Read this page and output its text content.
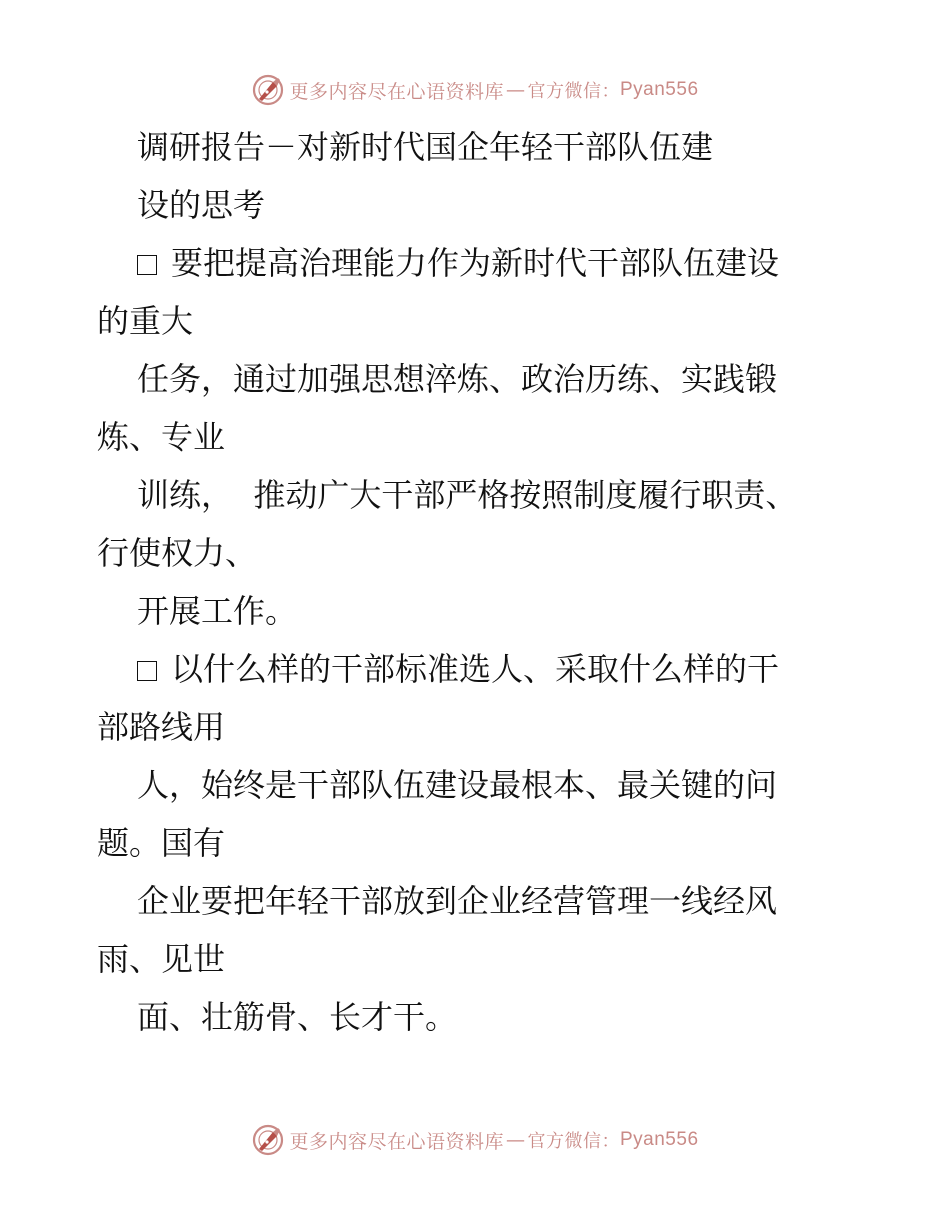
更多内容尽在心语资料库 — 官方微信： Pyan556
调研报告－对新时代国企年轻干部队伍建
设的思考
要把提高治理能力作为新时代干部队伍建设
的重大
任务，通过加强思想淬炼、政治历练、实践锻
炼、专业
训练，  推动广大干部严格按照制度履行职责、
行使权力、
开展工作。
以什么样的干部标准选人、采取什么样的干
部路线用
人，始终是干部队伍建设最根本、最关键的问
题。国有
企业要把年轻干部放到企业经营管理一线经风
雨、见世
面、壮筋骨、长才干。
更多内容尽在心语资料库 — 官方微信： Pyan556
